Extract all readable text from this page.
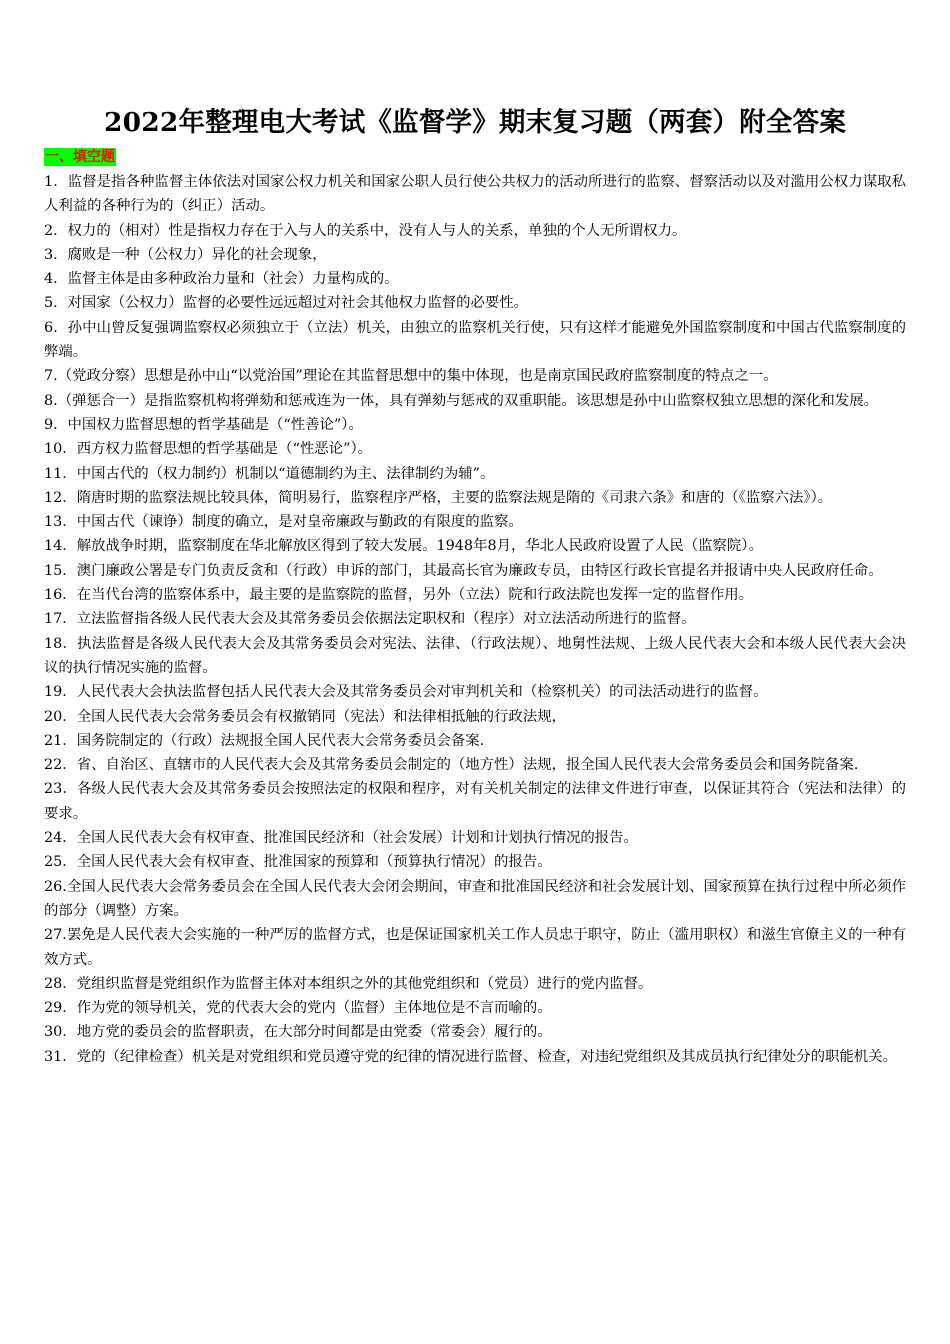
2022年整理电大考试《监督学》期末复习题（两套）附全答案
一、填空题

1．监督是指各种监督主体依法对国家公权力机关和国家公职人员行使公共权力的活动所进行的监察、督察活动以及对滥用公权力谋取私人利益的各种行为的（纠正）活动。

2．权力的（相对）性是指权力存在于入与人的关系中，没有人与人的关系，单独的个人无所谓权力。

3．腐败是一种（公权力）异化的社会现象，

4．监督主体是由多种政治力量和（社会）力量构成的。

5．对国家（公权力）监督的必要性远远超过对社会其他权力监督的必要性。

6．孙中山曾反复强调监察权必须独立于（立法）机关，由独立的监察机关行使，只有这样才能避免外国监察制度和中国古代监察制度的弊端。

7.（党政分察）思想是孙中山“以党治国”理论在其监督思想中的集中体现，也是南京国民政府监察制度的特点之一。

8.（弹惩合一）是指监察机构将弹劾和惩戒连为一体，具有弹劾与惩戒的双重职能。该思想是孙中山监察权独立思想的深化和发展。

9．中国权力监督思想的哲学基础是（“性善论”）。

10．西方权力监督思想的哲学基础是（“性恶论”）。

11．中国古代的（权力制约）机制以“道德制约为主、法律制约为辅”。

12．隋唐时期的监察法规比较具体，简明易行，监察程序严格，主要的监察法规是隋的《司隶六条》和唐的（《监察六法》）。

13．中国古代（谏诤）制度的确立，是对皇帝廉政与勤政的有限度的监察。

14．解放战争时期，监察制度在华北解放区得到了较大发展。1948年8月，华北人民政府设置了人民（监察院）。

15．澳门廉政公署是专门负责反贪和（行政）申诉的部门，其最高长官为廉政专员，由特区行政长官提名并报请中央人民政府任命。

16．在当代台湾的监察体系中，最主要的是监察院的监督，另外（立法）院和行政法院也发挥一定的监督作用。

17．立法监督指各级人民代表大会及其常务委员会依据法定职权和（程序）对立法活动所进行的监督。

18．执法监督是各级人民代表大会及其常务委员会对宪法、法律、（行政法规）、地舅性法规、上级人民代表大会和本级人民代表大会决议的执行情况实施的监督。

19．人民代表大会执法监督包括人民代表大会及其常务委员会对审判机关和（检察机关）的司法活动进行的监督。

20．全国人民代表大会常务委员会有权撤销同（宪法）和法律相抵触的行政法规，

21．国务院制定的（行政）法规报全国人民代表大会常务委员会备案.

22．省、自治区、直辖市的人民代表大会及其常务委员会制定的（地方性）法规，报全国人民代表大会常务委员会和国务院备案.

23．各级人民代表大会及其常务委员会按照法定的权限和程序，对有关机关制定的法律文件进行审查，以保证其符合（宪法和法律）的要求。

24．全国人民代表大会有权审查、批准国民经济和（社会发展）计划和计划执行情况的报告。

25．全国人民代表大会有权审查、批准国家的预算和（预算执行情况）的报告。

26.全国人民代表大会常务委员会在全国人民代表大会闭会期间，审查和批准国民经济和社会发展计划、国家预算在执行过程中所必须作的部分（调整）方案。

27.罢免是人民代表大会实施的一种严厉的监督方式，也是保证国家机关工作人员忠于职守，防止（滥用职权）和滋生官僚主义的一种有效方式。

28．党组织监督是党组织作为监督主体对本组织之外的其他党组织和（党员）进行的党内监督。

29．作为党的领导机关，党的代表大会的党内（监督）主体地位是不言而喻的。

30．地方党的委员会的监督职责，在大部分时间都是由党委（常委会）履行的。

31．党的（纪律检查）机关是对党组织和党员遵守党的纪律的情况进行监督、检查，对违纪党组织及其成员执行纪律处分的职能机关。
